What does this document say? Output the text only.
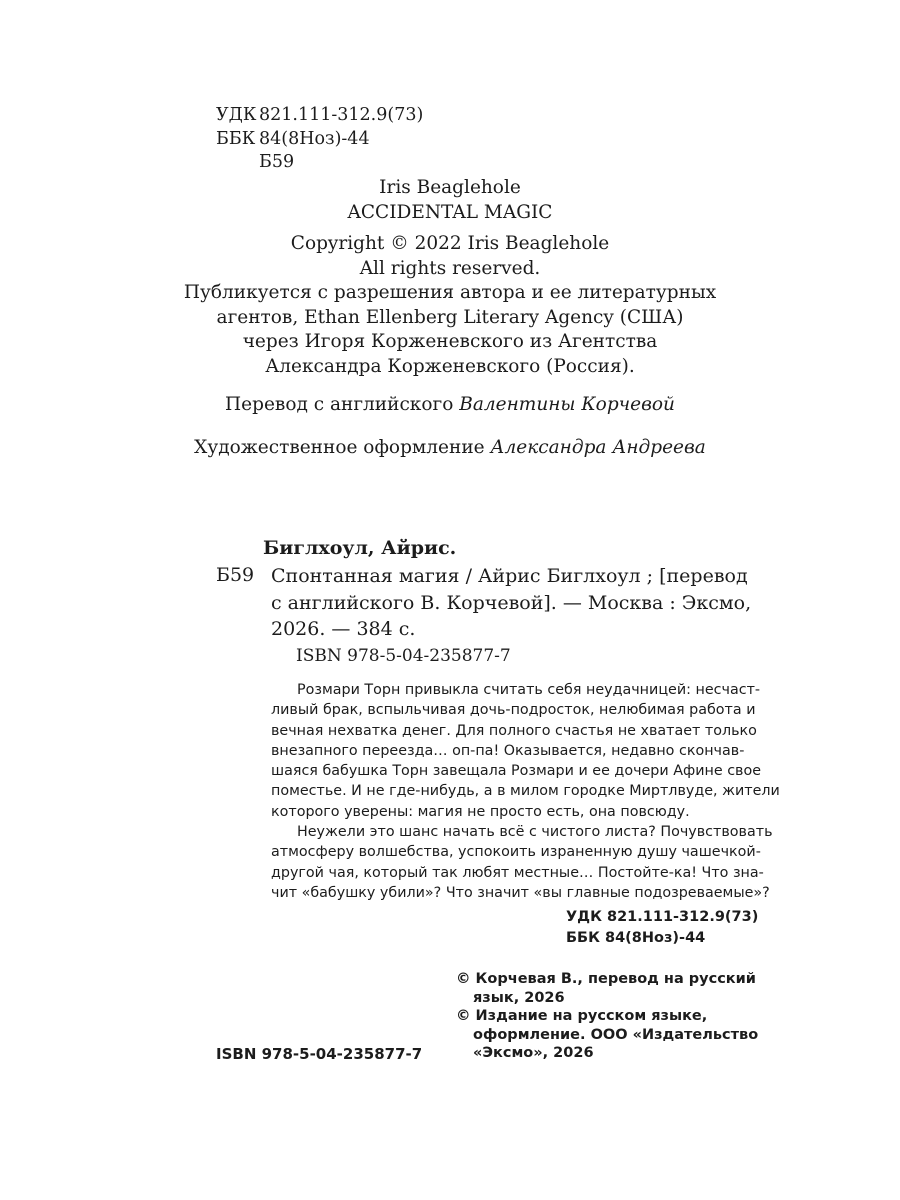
УДК 821.111-312.9(73)
ББК 84(8Ноз)-44
Б59
Iris Beaglehole
ACCIDENTAL MAGIC
Copyright © 2022 Iris Beaglehole
All rights reserved.
Публикуется с разрешения автора и ее литературных
агентов, Ethan Ellenberg Literary Agency (США)
через Игоря Корженевского из Агентства
Александра Корженевского (Россия).
Перевод с английского Валентины Корчевой
Художественное оформление Александра Андреева
Биглхоул, Айрис.
Б59 Спонтанная магия / Айрис Биглхоул ; [перевод
с английского В. Корчевой]. — Москва : Эксмо,
2026. — 384 с.
ISBN 978-5-04-235877-7
Розмари Торн привыкла считать себя неудачницей: несчаст-
ливый брак, вспыльчивая дочь-подросток, нелюбимая работа и
вечная нехватка денег. Для полного счастья не хватает только
внезапного переезда… оп-па! Оказывается, недавно скончав-
шаяся бабушка Торн завещала Розмари и ее дочери Афине свое
поместье. И не где-нибудь, а в милом городке Миртлвуде, жители
которого уверены: магия не просто есть, она повсюду.
Неужели это шанс начать всё с чистого листа? Почувствовать
атмосферу волшебства, успокоить израненную душу чашечкой-
другой чая, который так любят местные… Постойте-ка! Что зна-
чит «бабушку убили»? Что значит «вы главные подозреваемые»?
УДК 821.111-312.9(73)
ББК 84(8Ноз)-44
© Корчевая В., перевод на русский
язык, 2026
© Издание на русском языке,
оформление. ООО «Издательство
«Эксмо», 2026
ISBN 978-5-04-235877-7
